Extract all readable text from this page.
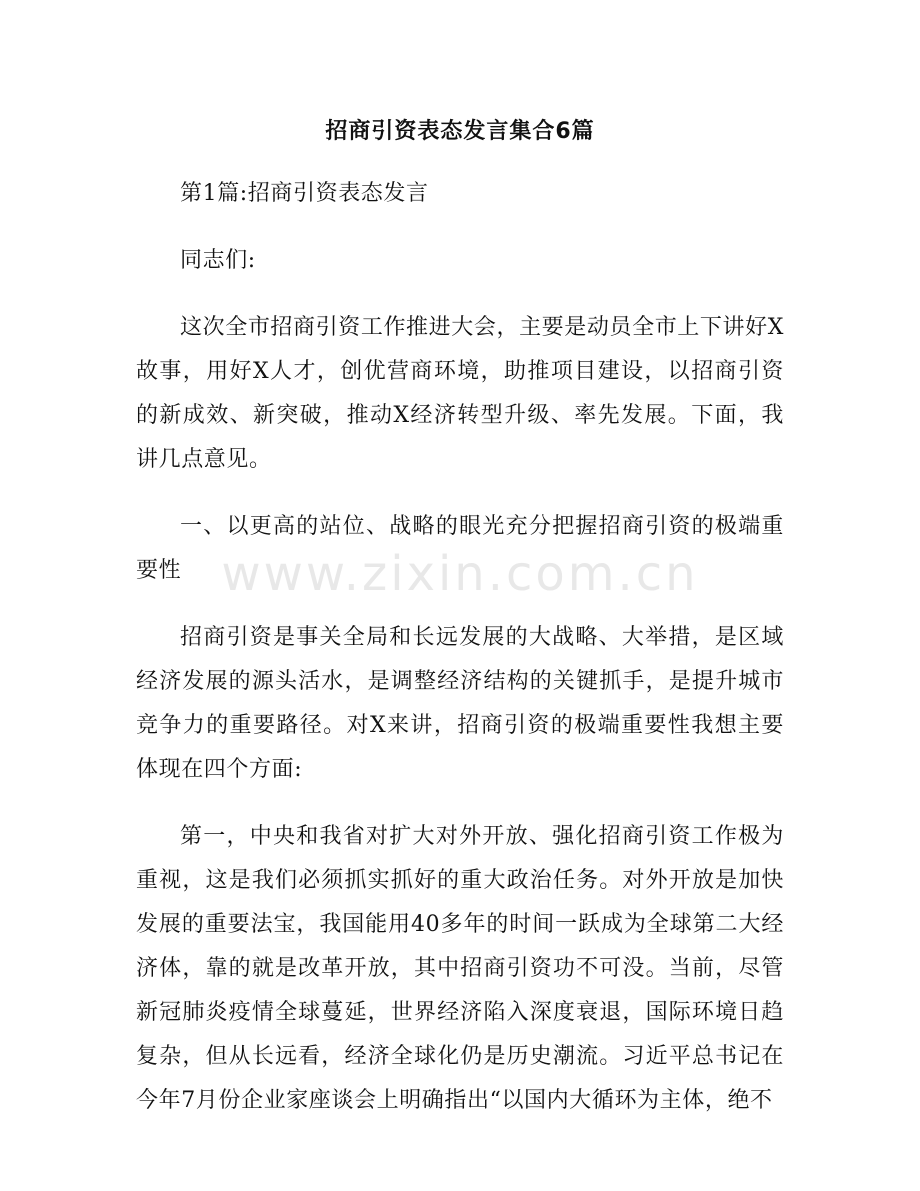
招商引资表态发言集合6篇

第1篇:招商引资表态发言

同志们:

这次全市招商引资工作推进大会，主要是动员全市上下讲好X故事，用好X人才，创优营商环境，助推项目建设，以招商引资的新成效、新突破，推动X经济转型升级、率先发展。下面，我讲几点意见。

一、以更高的站位、战略的眼光充分把握招商引资的极端重要性

招商引资是事关全局和长远发展的大战略、大举措，是区域经济发展的源头活水，是调整经济结构的关键抓手，是提升城市竞争力的重要路径。对X来讲，招商引资的极端重要性我想主要体现在四个方面:

第一，中央和我省对扩大对外开放、强化招商引资工作极为重视，这是我们必须抓实抓好的重大政治任务。对外开放是加快发展的重要法宝，我国能用40多年的时间一跃成为全球第二大经济体，靠的就是改革开放，其中招商引资功不可没。当前，尽管新冠肺炎疫情全球蔓延，世界经济陷入深度衰退，国际环境日趋复杂，但从长远看，经济全球化仍是历史潮流。习近平总书记在今年7月份企业家座谈会上明确指出“以国内大循环为主体，绝不

www.zixin.com.cn
